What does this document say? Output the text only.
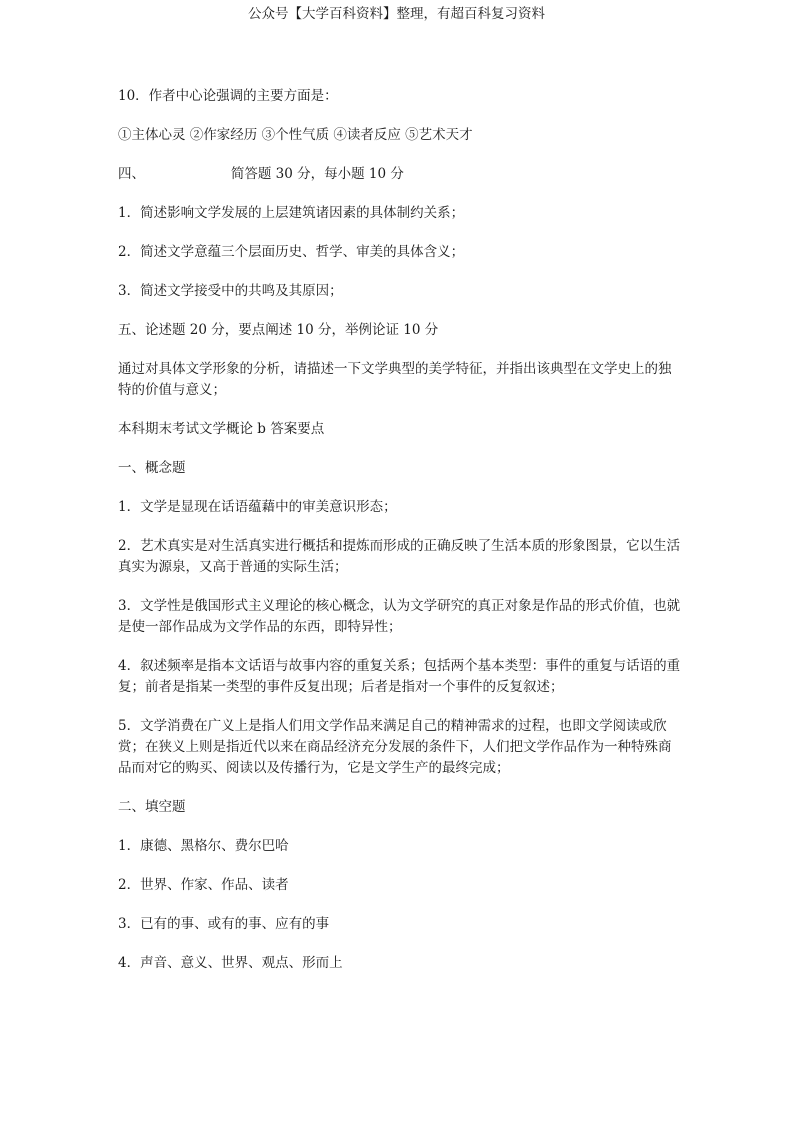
公众号【大学百科资料】整理，有超百科复习资料

10．作者中心论强调的主要方面是：

①主体心灵 ②作家经历 ③个性气质 ④读者反应 ⑤艺术天才

四、                    简答题 30 分，每小题 10 分

1．简述影响文学发展的上层建筑诸因素的具体制约关系；

2．简述文学意蕴三个层面历史、哲学、审美的具体含义；

3．简述文学接受中的共鸣及其原因；

五、论述题 20 分，要点阐述 10 分，举例论证 10 分

通过对具体文学形象的分析，请描述一下文学典型的美学特征，并指出该典型在文学史上的独特的价值与意义；

本科期末考试文学概论 b 答案要点

一、概念题

1．文学是显现在话语蕴藉中的审美意识形态；

2．艺术真实是对生活真实进行概括和提炼而形成的正确反映了生活本质的形象图景，它以生活真实为源泉，又高于普通的实际生活；

3．文学性是俄国形式主义理论的核心概念，认为文学研究的真正对象是作品的形式价值，也就是使一部作品成为文学作品的东西，即特异性；

4．叙述频率是指本文话语与故事内容的重复关系；包括两个基本类型：事件的重复与话语的重复；前者是指某一类型的事件反复出现；后者是指对一个事件的反复叙述；

5．文学消费在广义上是指人们用文学作品来满足自己的精神需求的过程，也即文学阅读或欣赏；在狭义上则是指近代以来在商品经济充分发展的条件下，人们把文学作品作为一种特殊商品而对它的购买、阅读以及传播行为，它是文学生产的最终完成；

二、填空题

1．康德、黑格尔、费尔巴哈

2．世界、作家、作品、读者

3．已有的事、或有的事、应有的事

4．声音、意义、世界、观点、形而上
